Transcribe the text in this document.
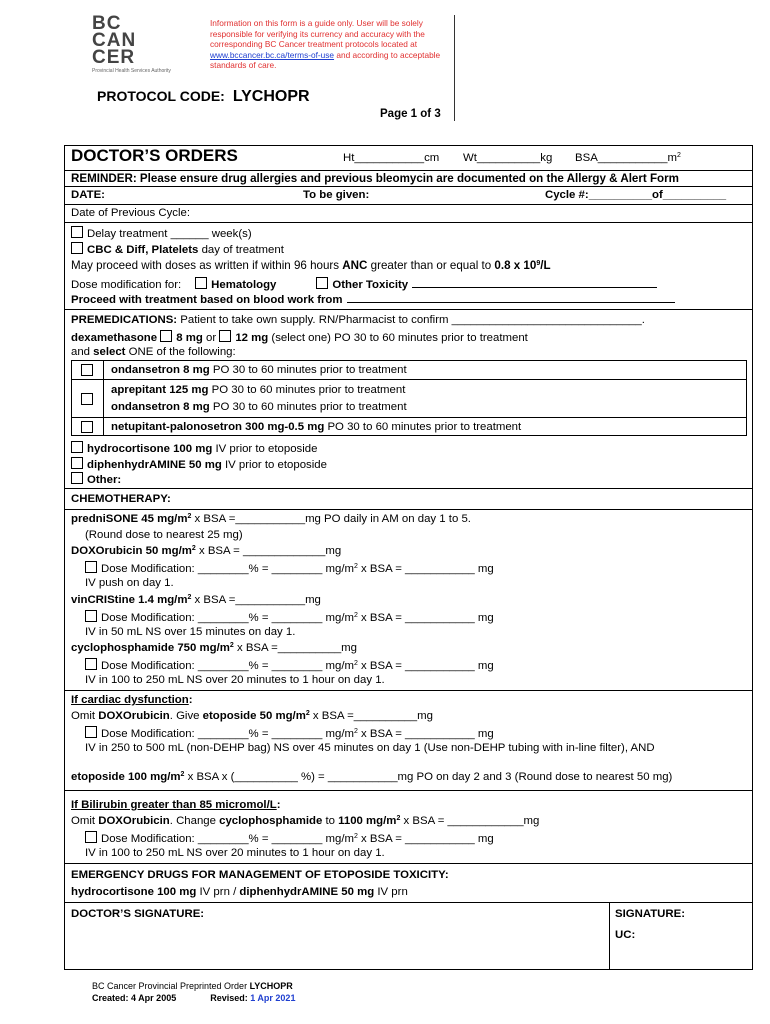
BC
CAN
CER
Provincial Health Services Authority
Information on this form is a guide only. User will be solely responsible for verifying its currency and accuracy with the corresponding BC Cancer treatment protocols located at www.bccancer.bc.ca/terms-of-use and according to acceptable standards of care.
PROTOCOL CODE: LYCHOPR
Page 1 of 3
DOCTOR’S ORDERS	Ht___________cm Wt__________kg $BSA\_\_\_\_\_\_\_\_\_\_\_m^2$
REMINDER: Please ensure drug allergies and previous bleomycin are documented on the Allergy & Alert Form
DATE:	To be given:	Cycle #:__________of__________
Date of Previous Cycle:
Delay treatment ______ week(s)
CBC & Diff, Platelets day of treatment
May proceed with doses as written if within 96 hours ANC greater than or equal to 0.8 x $10^9/L$
Dose modification for:	Hematology	Other Toxicity
Proceed with treatment based on blood work from
PREMEDICATIONS: Patient to take own supply. RN/Pharmacist to confirm ______________________________.
dexamethasone 8 mg or 12 mg (select one) PO 30 to 60 minutes prior to treatment
and select ONE of the following:
ondansetron 8 mg PO 30 to 60 minutes prior to treatment
aprepitant 125 mg PO 30 to 60 minutes prior to treatment
ondansetron 8 mg PO 30 to 60 minutes prior to treatment
netupitant-palonosetron 300 mg-0.5 mg PO 30 to 60 minutes prior to treatment
hydrocortisone 100 mg IV prior to etoposide
diphenhydrAMINE 50 mg IV prior to etoposide
Other:
CHEMOTHERAPY:
predniSONE 45 $mg/m^2$ x BSA =___________mg PO daily in AM on day 1 to 5.
(Round dose to nearest 25 mg)
DOXOrubicin 50 $mg/m^2$ x BSA = _____________mg
Dose Modification: ________% = ________ $mg/m^2$ x BSA = ___________ mg
IV push on day 1.
vinCRIStine 1.4 $mg/m^2$ x BSA =___________mg
Dose Modification: ________% = ________ $mg/m^2$ x BSA = ___________ mg
IV in 50 mL NS over 15 minutes on day 1.
cyclophosphamide 750 $mg/m^2$ x BSA =__________mg
Dose Modification: ________% = ________ $mg/m^2$ x BSA = ___________ mg
IV in 100 to 250 mL NS over 20 minutes to 1 hour on day 1.
If cardiac dysfunction:
Omit DOXOrubicin. Give etoposide 50 $mg/m^2$ x BSA =__________mg
Dose Modification: ________% = ________ $mg/m^2$ x BSA = ___________ mg
IV in 250 to 500 mL (non-DEHP bag) NS over 45 minutes on day 1 (Use non-DEHP tubing with in-line filter), AND
etoposide 100 $mg/m^2$ x BSA x (__________ %) = ___________mg PO on day 2 and 3 (Round dose to nearest 50 mg)
If Bilirubin greater than 85 micromol/L:
Omit DOXOrubicin. Change cyclophosphamide to 1100 $mg/m^2$ x BSA = ____________mg
Dose Modification: ________% = ________ $mg/m^2$ x BSA = ___________ mg
IV in 100 to 250 mL NS over 20 minutes to 1 hour on day 1.
EMERGENCY DRUGS FOR MANAGEMENT OF ETOPOSIDE TOXICITY:
hydrocortisone 100 mg IV prn / diphenhydrAMINE 50 mg IV prn
DOCTOR’S SIGNATURE:	SIGNATURE:
UC:
BC Cancer Provincial Preprinted Order LYCHOPR
Created: 4 Apr 2005	Revised: 1 Apr 2021
